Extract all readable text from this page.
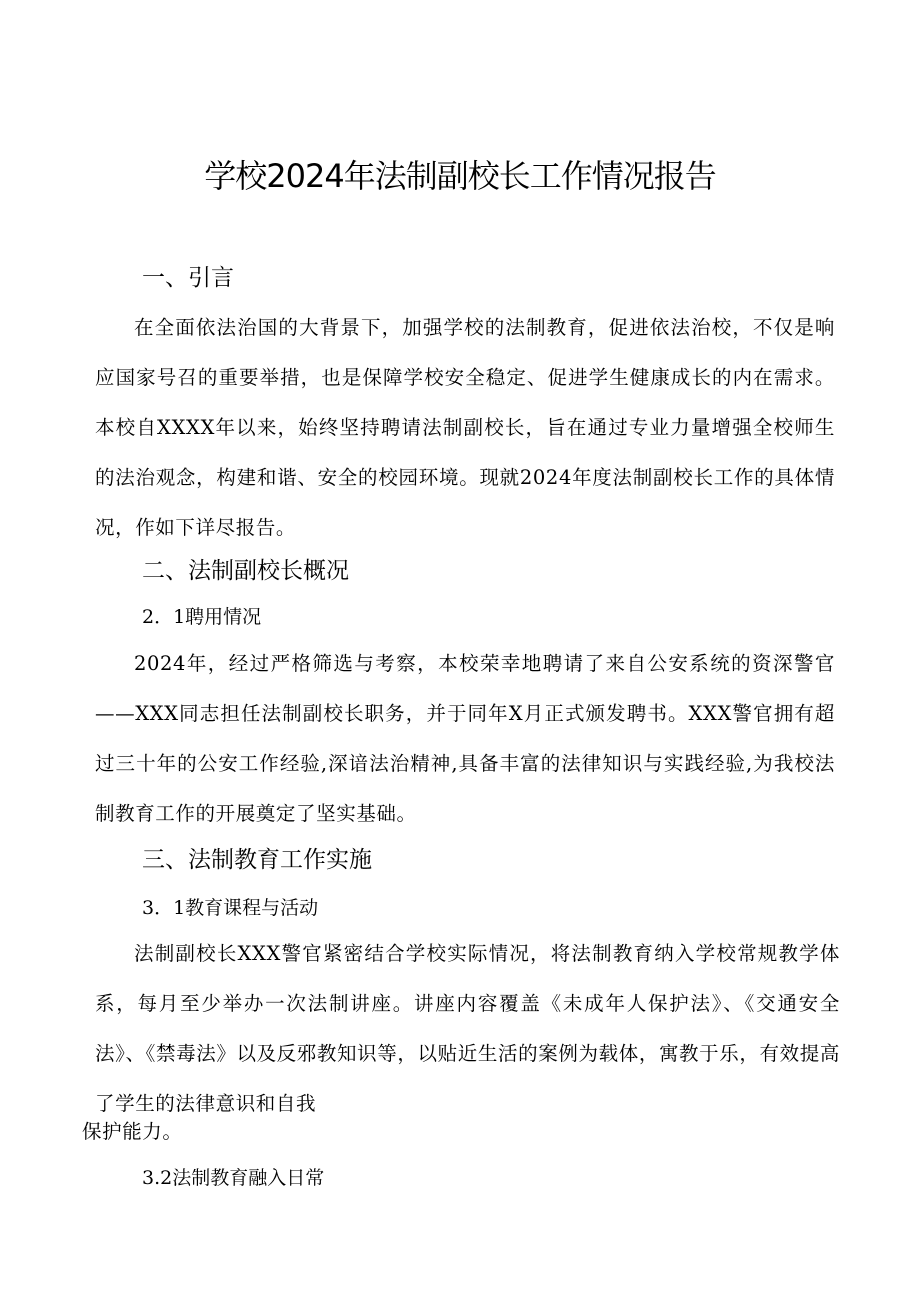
学校2024年法制副校长工作情况报告
一、引言

在全面依法治国的大背景下，加强学校的法制教育，促进依法治校，不仅是响应国家号召的重要举措，也是保障学校安全稳定、促进学生健康成长的内在需求。本校自XXXX年以来，始终坚持聘请法制副校长，旨在通过专业力量增强全校师生的法治观念，构建和谐、安全的校园环境。现就2024年度法制副校长工作的具体情况，作如下详尽报告。

二、法制副校长概况
2．1聘用情况

2024年，经过严格筛选与考察，本校荣幸地聘请了来自公安系统的资深警官——XXX同志担任法制副校长职务，并于同年X月正式颁发聘书。XXX警官拥有超过三十年的公安工作经验,深谙法治精神,具备丰富的法律知识与实践经验,为我校法制教育工作的开展奠定了坚实基础。

三、法制教育工作实施
3．1教育课程与活动

法制副校长XXX警官紧密结合学校实际情况，将法制教育纳入学校常规教学体系，每月至少举办一次法制讲座。讲座内容覆盖《未成年人保护法》、《交通安全法》、《禁毒法》以及反邪教知识等，以贴近生活的案例为载体，寓教于乐，有效提高了学生的法律意识和自我

保护能力。

3.2法制教育融入日常
